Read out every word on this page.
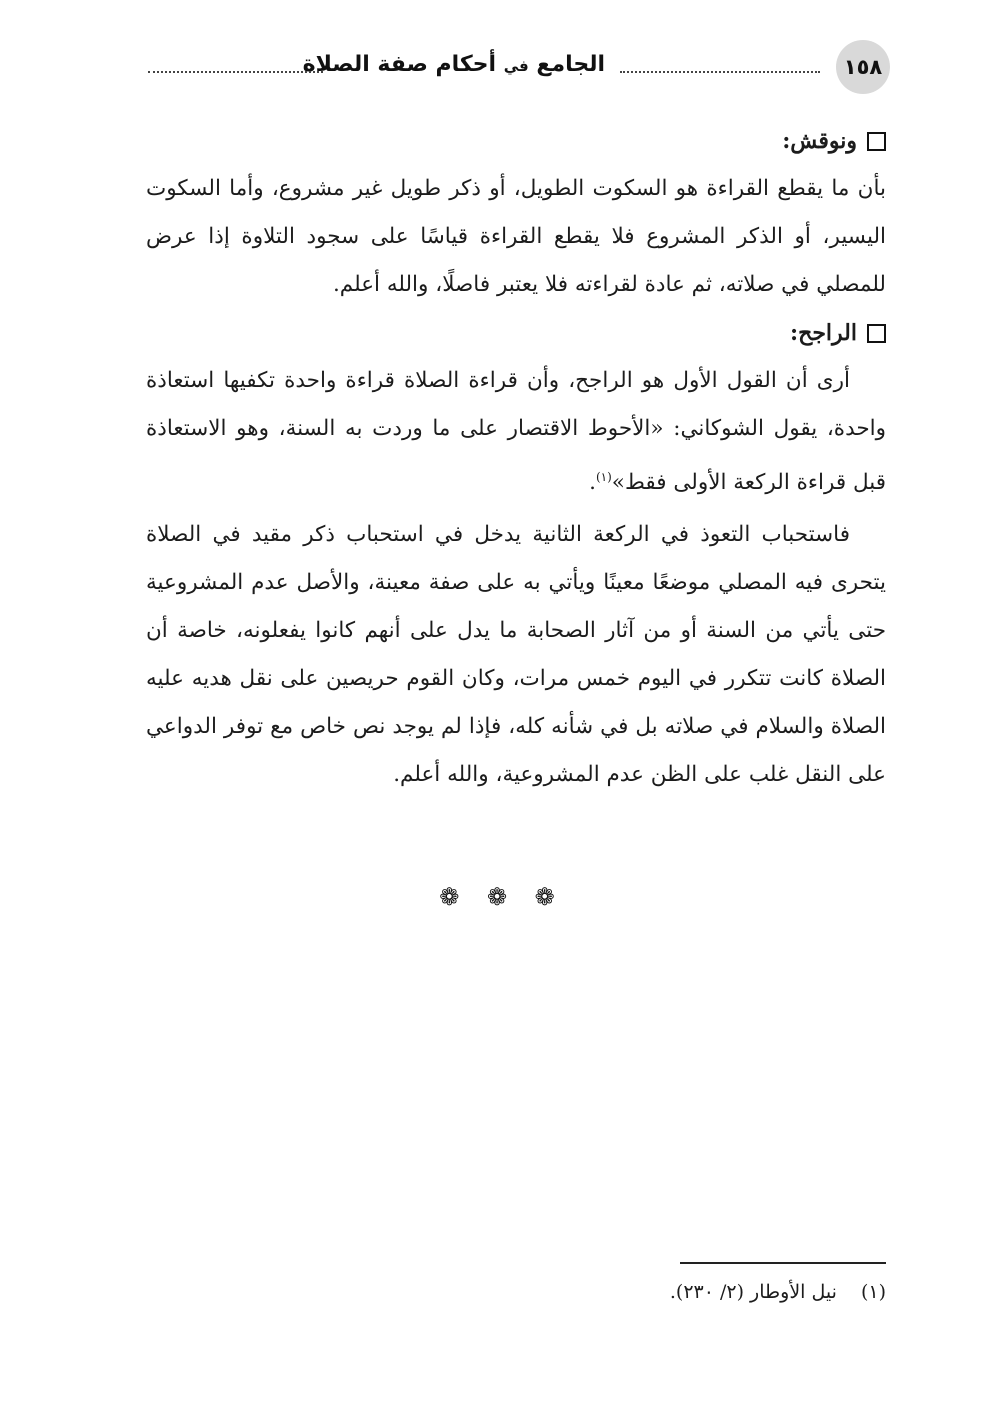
١٥٨
الجامع في أحكام صفة الصلاة
ونوقش:

بأن ما يقطع القراءة هو السكوت الطويل، أو ذكر طويل غير مشروع، وأما السكوت اليسير، أو الذكر المشروع فلا يقطع القراءة قياسًا على سجود التلاوة إذا عرض للمصلي في صلاته، ثم عادة لقراءته فلا يعتبر فاصلًا، والله أعلم.

الراجح:

أرى أن القول الأول هو الراجح، وأن قراءة الصلاة قراءة واحدة تكفيها استعاذة واحدة، يقول الشوكاني: «الأحوط الاقتصار على ما وردت به السنة، وهو الاستعاذة قبل قراءة الركعة الأولى فقط»$^{(١)}$.

فاستحباب التعوذ في الركعة الثانية يدخل في استحباب ذكر مقيد في الصلاة يتحرى فيه المصلي موضعًا معينًا ويأتي به على صفة معينة، والأصل عدم المشروعية حتى يأتي من السنة أو من آثار الصحابة ما يدل على أنهم كانوا يفعلونه، خاصة أن الصلاة كانت تتكرر في اليوم خمس مرات، وكان القوم حريصين على نقل هديه عليه الصلاة والسلام في صلاته بل في شأنه كله، فإذا لم يوجد نص خاص مع توفر الدواعي على النقل غلب على الظن عدم المشروعية، والله أعلم.

❁ ❁ ❁
(١) نيل الأوطار (٢/ ٢٣٠).
